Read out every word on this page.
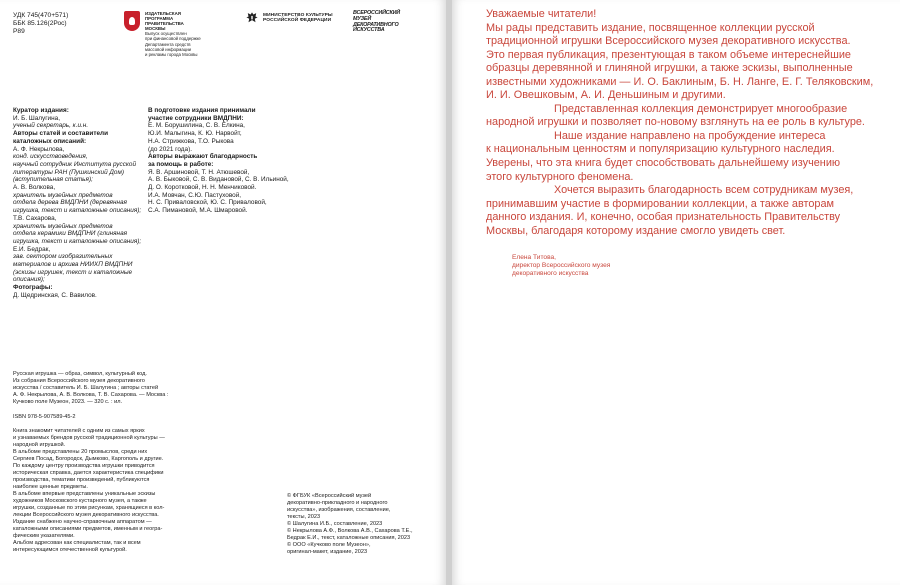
УДК 745(470+571)
ББК 85.126(2Рос)
Р89
ИЗДАТЕЛЬСКАЯ ПРОГРАММА
ПРАВИТЕЛЬСТВА МОСКВЫ
Выпуск осуществлен
при финансовой поддержке
Департамента средств
массовой информации
и рекламы города Москвы
МИНИСТЕРСТВО КУЛЬТУРЫ
РОССИЙСКОЙ ФЕДЕРАЦИИ
ВСЕРОССИЙСКИЙ
МУЗЕЙ
ДЕКОРАТИВНОГО
ИСКУССТВА
Куратор издания:
И. Б. Шалугина,
ученый секретарь, к.и.н.
Авторы статей и составители
каталожных описаний:
А. Ф. Некрылова,
конд. искусствоведения,
научный сотрудник Института русской
литературы РАН (Пушкинский Дом)
(вступительная статья);
А. В. Волкова,
хранитель музейных предметов
отдела дерева ВМДПНИ (деревянная
игрушка, текст и каталожные описания);
Т.В. Сахарова,
хранитель музейных предметов
отдела керамики ВМДПНИ (глиняная
игрушка, текст и каталожные описания);
Е.И. Бедрак,
зав. сектором изобразительных
материалов и архива НИИХП ВМДПНИ
(эскизы игрушек, текст и каталожные
описания);
Фотографы:
Д. Щедринская, С. Вавилов.
В подготовке издания принимали
участие сотрудники ВМДПНИ:
Е. М. Борушилина, С. В. Ёлкина,
Ю.И. Малыгина, К. Ю. Нарвойт,
Н.А. Стрижкова, Т.О. Рыкова
(до 2021 года).
Авторы выражают благодарность
за помощь в работе:
Я. В. Аршиновой, Т. Н. Атюшевой,
А. В. Быковой, С. В. Видановой, С. В. Ильиной,
Д. О. Коротковой, Н. Н. Менчиковой.
И.А. Мовчан, С.Ю. Пастуховой,
Н. С. Приваловской, Ю. С. Приваловой,
С.А. Пимановой, М.А. Шмаровой.
Русская игрушка — образ, символ, культурный код.
Из собрания Всероссийского музея декоративного
искусства / составитель И. Б. Шалугина ; авторы статей
А. Ф. Некрылова, А. В. Волкова, Т. В. Сахарова. — Москва :
Кучково поле Музеон, 2023. — 320 с. : ил.
ISBN 978-5-907589-45-2
Книга знакомит читателей с одним из самых ярких
и узнаваемых брендов русской традиционной культуры —
народной игрушкой.
В альбоме представлены 20 промыслов, среди них
Сергиев Посад, Богородск, Дымково, Каргополь и другие.
По каждому центру производства игрушки приводится
историческая справка, дается характеристика специфики
производства, тематики произведений, публикуются
наиболее ценные предметы.
В альбоме впервые представлены уникальные эскизы
художников Московского кустарного музея, а также
игрушки, созданные по этим рисункам, хранящиеся в кол-
лекции Всероссийского музея декоративного искусства.
Издание снабжено научно-справочным аппаратом —
каталожными описаниями предметов, именным и геогра-
фическим указателями.
Альбом адресован как специалистам, так и всем
интересующимся отечественной культурой.
© ФГБУК «Всероссийский музей
декоративно-прикладного и народного
искусства», изображения, составление,
тексты, 2023
© Шалугина И.Б., составление, 2023
© Некрылова А.Ф., Волкова А.В., Сахарова Т.Е.,
Бедрак Е.И., текст, каталожные описания, 2023
© ООО «Кучково поле Музеон»,
оригинал-макет, издание, 2023
Уважаемые читатели!
Мы рады представить издание, посвященное коллекции русской
традиционной игрушки Всероссийского музея декоративного искусства.
Это первая публикация, презентующая в таком объеме интереснейшие
образцы деревянной и глиняной игрушки, а также эскизы, выполненные
известными художниками — И. О. Баклиным, Б. Н. Ланге, Е. Г. Теляковским,
И. И. Овешковым, А. И. Деньшиным и другими.
Представленная коллекция демонстрирует многообразие
народной игрушки и позволяет по-новому взглянуть на ее роль в культуре.
Наше издание направлено на пробуждение интереса
к национальным ценностям и популяризацию культурного наследия.
Уверены, что эта книга будет способствовать дальнейшему изучению
этого культурного феномена.
Хочется выразить благодарность всем сотрудникам музея,
принимавшим участие в формировании коллекции, а также авторам
данного издания. И, конечно, особая признательность Правительству
Москвы, благодаря которому издание смогло увидеть свет.
Елена Титова,
директор Всероссийского музея
декоративного искусства
